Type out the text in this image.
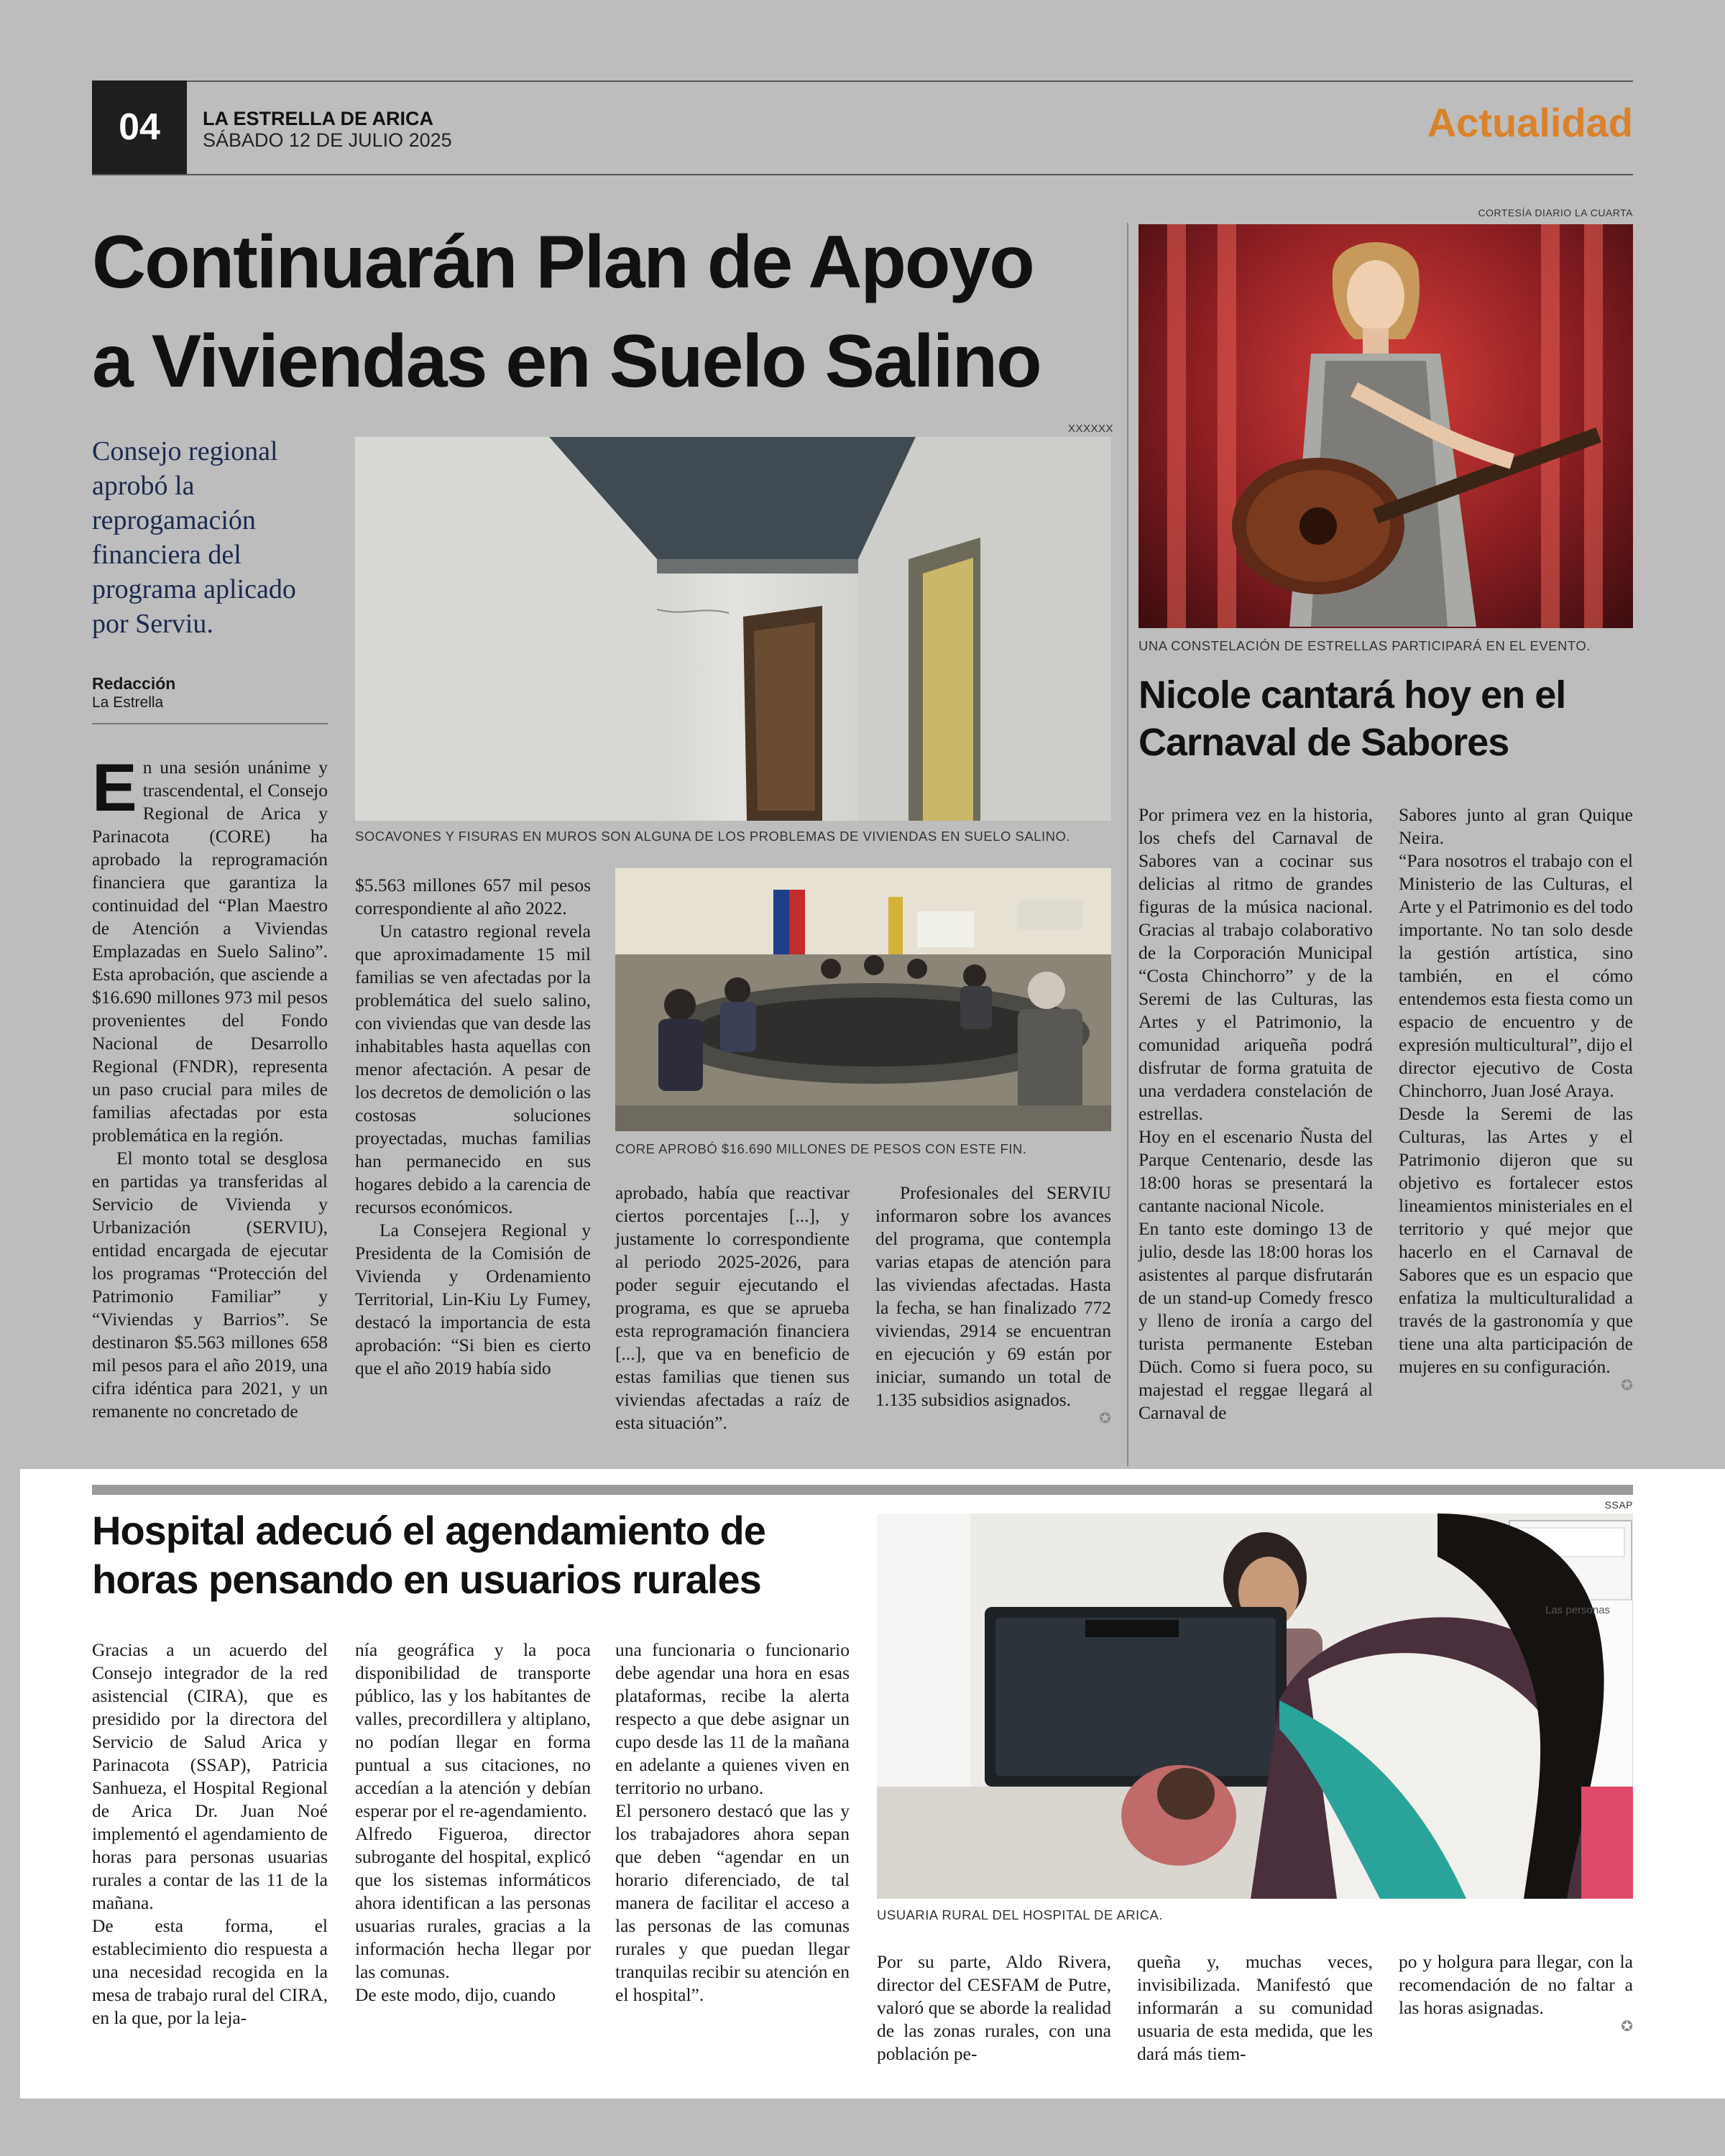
04 LA ESTRELLA DE ARICA
SÁBADO 12 DE JULIO 2025	Actualidad
Continuarán Plan de Apoyo
a Viviendas en Suelo Salino
Consejo regional aprobó la reprogamación financiera del programa aplicado por Serviu.
Redacción
La Estrella
XXXXXX
SOCAVONES Y FISURAS EN MUROS SON ALGUNA DE LOS PROBLEMAS DE VIVIENDAS EN SUELO SALINO.
CORE APROBÓ $16.690 MILLONES DE PESOS CON ESTE FIN.

En una sesión unánime y trascendental, el Consejo Regional de Arica y Parinacota (CORE) ha aprobado la reprogramación financiera que garantiza la continuidad del “Plan Maestro de Atención a Viviendas Emplazadas en Suelo Salino”. Esta aprobación, que asciende a $16.690 millones 973 mil pesos provenientes del Fondo Nacional de Desarrollo Regional (FNDR), representa un paso crucial para miles de familias afectadas por esta problemática en la región.

El monto total se desglosa en partidas ya transferidas al Servicio de Vivienda y Urbanización (SERVIU), entidad encargada de ejecutar los programas “Protección del Patrimonio Familiar” y “Viviendas y Barrios”. Se destinaron $5.563 millones 658 mil pesos para el año 2019, una cifra idéntica para 2021, y un remanente no concretado de

$5.563 millones 657 mil pesos correspondiente al año 2022.

Un catastro regional revela que aproximadamente 15 mil familias se ven afectadas por la problemática del suelo salino, con viviendas que van desde las inhabitables hasta aquellas con menor afectación. A pesar de los decretos de demolición o las costosas soluciones proyectadas, muchas familias han permanecido en sus hogares debido a la carencia de recursos económicos.

La Consejera Regional y Presidenta de la Comisión de Vivienda y Ordenamiento Territorial, Lin-Kiu Ly Fumey, destacó la importancia de esta aprobación: “Si bien es cierto que el año 2019 había sido

aprobado, había que reactivar ciertos porcentajes [...], y justamente lo correspondiente al periodo 2025-2026, para poder seguir ejecutando el programa, es que se aprueba esta reprogramación financiera [...], que va en beneficio de estas familias que tienen sus viviendas afectadas a raíz de esta situación”.

Profesionales del SERVIU informaron sobre los avances del programa, que contempla varias etapas de atención para las viviendas afectadas. Hasta la fecha, se han finalizado 772 viviendas, 2914 se encuentran en ejecución y 69 están por iniciar, sumando un total de 1.135 subsidios asignados.

✪
CORTESÍA DIARIO LA CUARTA
UNA CONSTELACIÓN DE ESTRELLAS PARTICIPARÁ EN EL EVENTO.
Nicole cantará hoy en el
Carnaval de Sabores

Por primera vez en la historia, los chefs del Carnaval de Sabores van a cocinar sus delicias al ritmo de grandes figuras de la música nacional. Gracias al trabajo colaborativo de la Corporación Municipal “Costa Chinchorro” y de la Seremi de las Culturas, las Artes y el Patrimonio, la comunidad ariqueña podrá disfrutar de forma gratuita de una verdadera constelación de estrellas.

Hoy en el escenario Ñusta del Parque Centenario, desde las 18:00 horas se presentará la cantante nacional Nicole.

En tanto este domingo 13 de julio, desde las 18:00 horas los asistentes al parque disfrutarán de un stand-up Comedy fresco y lleno de ironía a cargo del turista permanente Esteban Düch. Como si fuera poco, su majestad el reggae llegará al Carnaval de

Sabores junto al gran Quique Neira.

“Para nosotros el trabajo con el Ministerio de las Culturas, el Arte y el Patrimonio es del todo importante. No tan solo desde la gestión artística, sino también, en el cómo entendemos esta fiesta como un espacio de encuentro y de expresión multicultural”, dijo el director ejecutivo de Costa Chinchorro, Juan José Araya.

Desde la Seremi de las Culturas, las Artes y el Patrimonio dijeron que su objetivo es fortalecer estos lineamientos ministeriales en el territorio y qué mejor que hacerlo en el Carnaval de Sabores que es un espacio que enfatiza la multiculturalidad a través de la gastronomía y que tiene una alta participación de mujeres en su configuración.

✪
Hospital adecuó el agendamiento de
horas pensando en usuarios rurales
SSAP
Las personas
USUARIA RURAL DEL HOSPITAL DE ARICA.

Gracias a un acuerdo del Consejo integrador de la red asistencial (CIRA), que es presidido por la directora del Servicio de Salud Arica y Parinacota (SSAP), Patricia Sanhueza, el Hospital Regional de Arica Dr. Juan Noé implementó el agendamiento de horas para personas usuarias rurales a contar de las 11 de la mañana.

De esta forma, el establecimiento dio respuesta a una necesidad recogida en la mesa de trabajo rural del CIRA, en la que, por la leja-

nía geográfica y la poca disponibilidad de transporte público, las y los habitantes de valles, precordillera y altiplano, no podían llegar en forma puntual a sus citaciones, no accedían a la atención y debían esperar por el re-agendamiento.

Alfredo Figueroa, director subrogante del hospital, explicó que los sistemas informáticos ahora identifican a las personas usuarias rurales, gracias a la información hecha llegar por las comunas.

De este modo, dijo, cuando

una funcionaria o funcionario debe agendar una hora en esas plataformas, recibe la alerta respecto a que debe asignar un cupo desde las 11 de la mañana en adelante a quienes viven en territorio no urbano.

El personero destacó que las y los trabajadores ahora sepan que deben “agendar en un horario diferenciado, de tal manera de facilitar el acceso a las personas de las comunas rurales y que puedan llegar tranquilas recibir su atención en el hospital”.

Por su parte, Aldo Rivera, director del CESFAM de Putre, valoró que se aborde la realidad de las zonas rurales, con una población pe-

queña y, muchas veces, invisibilizada. Manifestó que informarán a su comunidad usuaria de esta medida, que les dará más tiem-

po y holgura para llegar, con la recomendación de no faltar a las horas asignadas.

✪
